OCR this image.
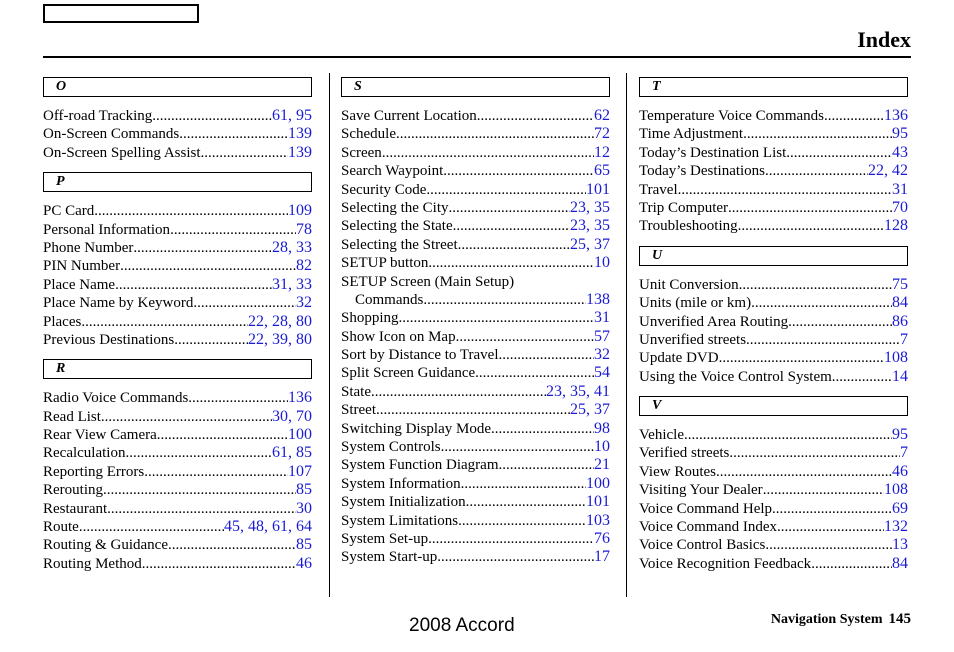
Index
O
Off-road Tracking .....	61, 95
On-Screen Commands .....	139
On-Screen Spelling Assist .....	139
P
PC Card .....	109
Personal Information .....	78
Phone Number .....	28, 33
PIN Number .....	82
Place Name .....	31, 33
Place Name by Keyword .....	32
Places .....	22, 28, 80
Previous Destinations .....	22, 39, 80
R
Radio Voice Commands .....	136
Read List .....	30, 70
Rear View Camera .....	100
Recalculation .....	61, 85
Reporting Errors .....	107
Rerouting .....	85
Restaurant .....	30
Route .....	45, 48, 61, 64
Routing & Guidance .....	85
Routing Method .....	46
S
Save Current Location .....	62
Schedule .....	72
Screen .....	12
Search Waypoint .....	65
Security Code .....	101
Selecting the City .....	23, 35
Selecting the State .....	23, 35
Selecting the Street .....	25, 37
SETUP button .....	10
SETUP Screen (Main Setup)
Commands .....	138
Shopping .....	31
Show Icon on Map .....	57
Sort by Distance to Travel .....	32
Split Screen Guidance .....	54
State .....	23, 35, 41
Street .....	25, 37
Switching Display Mode .....	98
System Controls .....	10
System Function Diagram .....	21
System Information .....	100
System Initialization .....	101
System Limitations .....	103
System Set-up .....	76
System Start-up .....	17
T
Temperature Voice Commands .....	136
Time Adjustment .....	95
Today’s Destination List .....	43
Today’s Destinations .....	22, 42
Travel .....	31
Trip Computer .....	70
Troubleshooting .....	128
U
Unit Conversion .....	75
Units (mile or km) .....	84
Unverified Area Routing .....	86
Unverified streets .....	7
Update DVD .....	108
Using the Voice Control System .....	14
V
Vehicle .....	95
Verified streets .....	7
View Routes .....	46
Visiting Your Dealer .....	108
Voice Command Help .....	69
Voice Command Index .....	132
Voice Control Basics .....	13
Voice Recognition Feedback .....	84
2008 Accord	Navigation System 145
